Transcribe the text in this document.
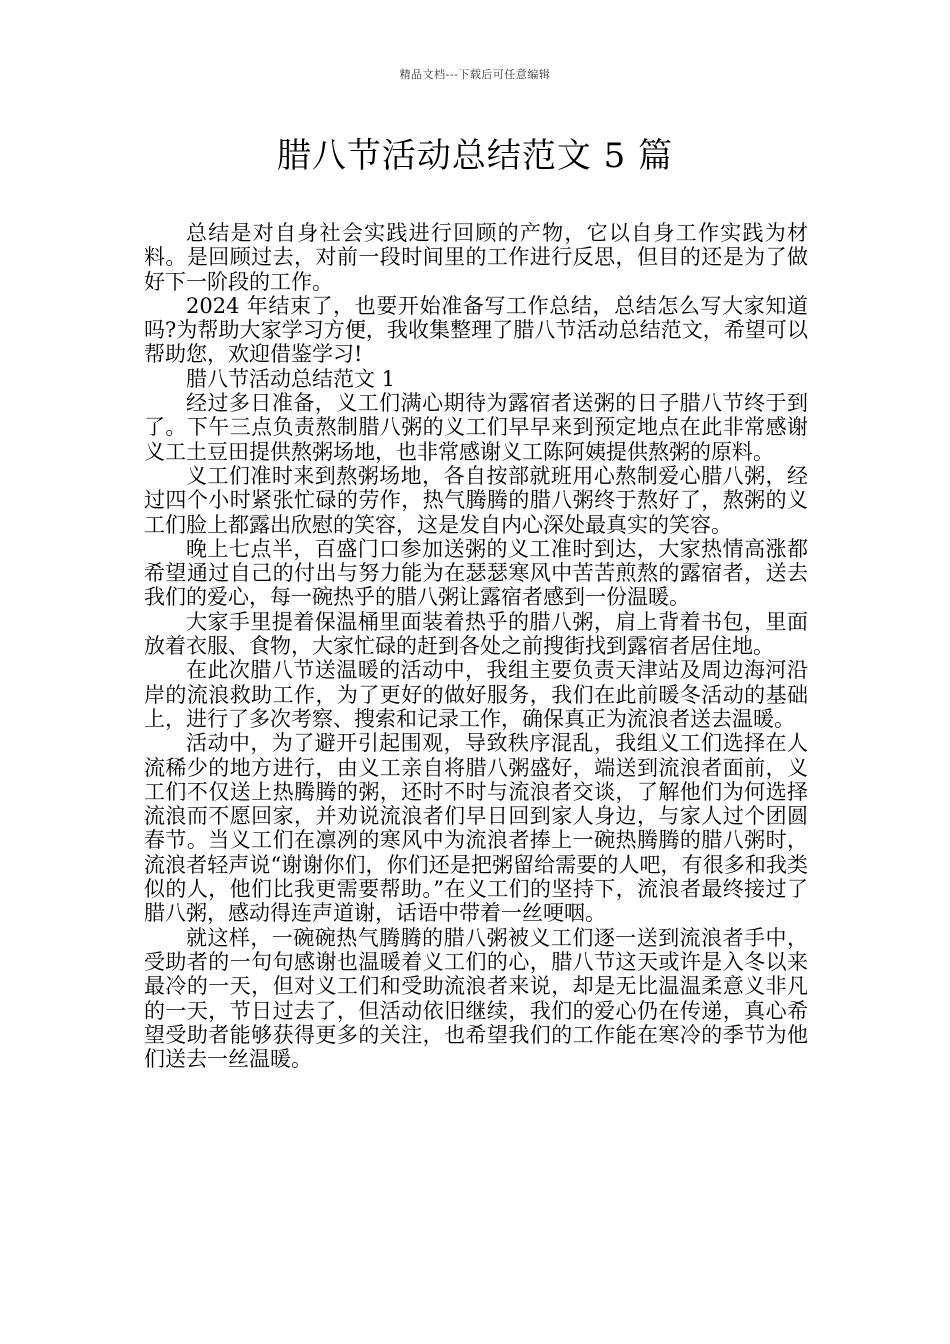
精品文档---下载后可任意编辑
腊八节活动总结范文 5 篇

总结是对自身社会实践进行回顾的产物，它以自身工作实践为材料。是回顾过去，对前一段时间里的工作进行反思，但目的还是为了做好下一阶段的工作。

2024 年结束了，也要开始准备写工作总结，总结怎么写大家知道吗?为帮助大家学习方便，我收集整理了腊八节活动总结范文，希望可以帮助您，欢迎借鉴学习!

腊八节活动总结范文 1

经过多日准备，义工们满心期待为露宿者送粥的日子腊八节终于到了。下午三点负责熬制腊八粥的义工们早早来到预定地点在此非常感谢义工土豆田提供熬粥场地，也非常感谢义工陈阿姨提供熬粥的原料。

义工们准时来到熬粥场地，各自按部就班用心熬制爱心腊八粥，经过四个小时紧张忙碌的劳作，热气腾腾的腊八粥终于熬好了，熬粥的义工们脸上都露出欣慰的笑容，这是发自内心深处最真实的笑容。

晚上七点半，百盛门口参加送粥的义工准时到达，大家热情高涨都希望通过自己的付出与努力能为在瑟瑟寒风中苦苦煎熬的露宿者，送去我们的爱心，每一碗热乎的腊八粥让露宿者感到一份温暖。

大家手里提着保温桶里面装着热乎的腊八粥，肩上背着书包，里面放着衣服、食物，大家忙碌的赶到各处之前搜街找到露宿者居住地。

在此次腊八节送温暖的活动中，我组主要负责天津站及周边海河沿岸的流浪救助工作，为了更好的做好服务，我们在此前暖冬活动的基础上，进行了多次考察、搜索和记录工作，确保真正为流浪者送去温暖。

活动中，为了避开引起围观，导致秩序混乱，我组义工们选择在人流稀少的地方进行，由义工亲自将腊八粥盛好，端送到流浪者面前，义工们不仅送上热腾腾的粥，还时不时与流浪者交谈，了解他们为何选择流浪而不愿回家，并劝说流浪者们早日回到家人身边，与家人过个团圆春节。当义工们在凛冽的寒风中为流浪者捧上一碗热腾腾的腊八粥时，流浪者轻声说“谢谢你们，你们还是把粥留给需要的人吧，有很多和我类似的人，他们比我更需要帮助。”在义工们的坚持下，流浪者最终接过了腊八粥，感动得连声道谢，话语中带着一丝哽咽。

就这样，一碗碗热气腾腾的腊八粥被义工们逐一送到流浪者手中，受助者的一句句感谢也温暖着义工们的心，腊八节这天或许是入冬以来最冷的一天，但对义工们和受助流浪者来说，却是无比温温柔意义非凡的一天，节日过去了，但活动依旧继续，我们的爱心仍在传递，真心希望受助者能够获得更多的关注，也希望我们的工作能在寒冷的季节为他们送去一丝温暖。
